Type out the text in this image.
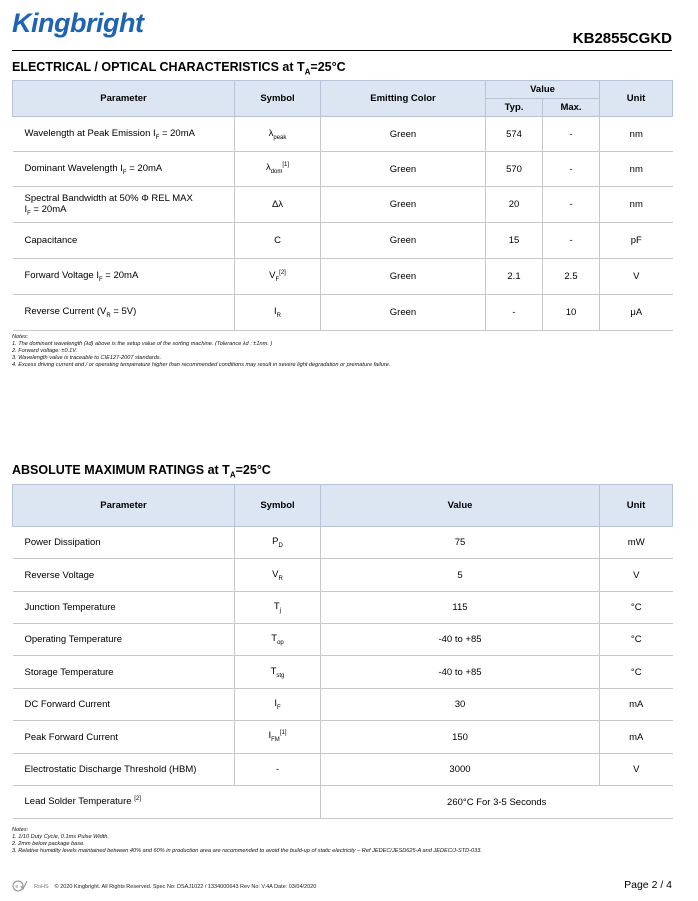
Kingbright
KB2855CGKD
ELECTRICAL / OPTICAL CHARACTERISTICS at $T_A=25^\circ C$
Parameter	Symbol	Emitting Color	Value		Unit
			Typ.	Max.	
Wavelength at Peak Emission $I_F = 20mA$	$\lambda_{peak}$	Green	574	-	nm
Dominant Wavelength $I_F = 20mA$	$\lambda_{dom}[1]$	Green	570	-	nm
Spectral Bandwidth at 50% Φ REL MAX
$I_F = 20mA$	Δλ	Green	20	-	nm
Capacitance	C	Green	15	-	pF
Forward Voltage $I_F = 20mA$	$V_F[2]$	Green	2.1	2.5	V
Reverse Current $(V_R = 5V)$	$I_R$	Green	-	10	μA
Notes:
1. The dominant wavelength (λd) above is the setup value of the sorting machine. (Tolerance λd : ±1nm. )
2. Forward voltage: ±0.1V.
3. Wavelength value is traceable to CIE127-2007 standards.
4. Excess driving current and / or operating temperature higher than recommended conditions may result in severe light degradation or premature failure.
ABSOLUTE MAXIMUM RATINGS at $T_A=25^\circ C$
Parameter	Symbol	Value	Unit
Power Dissipation	$P_D$	75	mW
Reverse Voltage	$V_R$	5	V
Junction Temperature	$T_j$	115	°C
Operating Temperature	$T_{op}$	-40 to +85	°C
Storage Temperature	$T_{stg}$	-40 to +85	°C
DC Forward Current	$I_F$	30	mA
Peak Forward Current	$I_{FM}[1]$	150	mA
Electrostatic Discharge Threshold (HBM)	-	3000	V
Lead Solder Temperature [2]		260°C For 3-5 Seconds	
Notes:
1. 1/10 Duty Cycle, 0.1ms Pulse Width.
2. 2mm below package base.
3. Relative humidity levels maintained between 40% and 60% in production area are recommended to avoid the build-up of static electricity – Ref JEDEC/JESD625-A and JEDEC/J-STD-033.
e	RoHS © 2020 Kingbright. All Rights Reserved. Spec No: DSAJ1022 / 1334000643 Rev No: V.4A Date: 03/04/2020	Page 2 / 4
